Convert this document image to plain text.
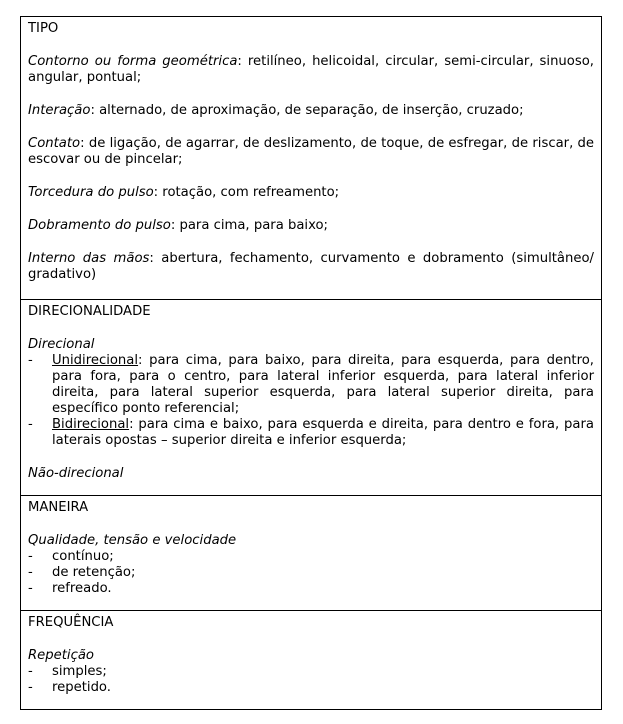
TIPO

Contorno ou forma geométrica: retilíneo, helicoidal, circular, semi-circular, sinuoso, angular, pontual;

Interação: alternado, de aproximação, de separação, de inserção, cruzado;

Contato: de ligação, de agarrar, de deslizamento, de toque, de esfregar, de riscar, de escovar ou de pincelar;

Torcedura do pulso: rotação, com refreamento;

Dobramento do pulso: para cima, para baixo;

Interno das mãos: abertura, fechamento, curvamento e dobramento (simultâneo/ gradativo)

DIRECIONALIDADE
Direcional
-	Unidirecional: para cima, para baixo, para direita, para esquerda, para dentro, para fora, para o centro, para lateral inferior esquerda, para lateral inferior direita, para lateral superior esquerda, para lateral superior direita, para específico ponto referencial;
-	Bidirecional: para cima e baixo, para esquerda e direita, para dentro e fora, para laterais opostas – superior direita e inferior esquerda;
Não-direcional
MANEIRA
Qualidade, tensão e velocidade
-	contínuo;
-	de retenção;
-	refreado.
FREQUÊNCIA
Repetição
-	simples;
-	repetido.
